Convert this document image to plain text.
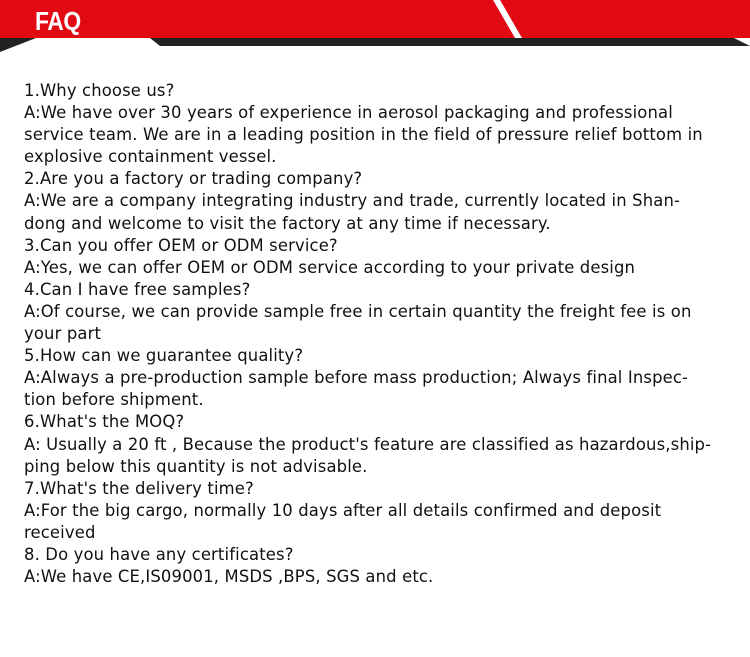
FAQ
1.Why choose us?
A:We have over 30 years of experience in aerosol packaging and professional
service team. We are in a leading position in the field of pressure relief bottom in
explosive containment vessel.
2.Are you a factory or trading company?
A:We are a company integrating industry and trade, currently located in Shan-
dong and welcome to visit the factory at any time if necessary.
3.Can you offer OEM or ODM service?
A:Yes, we can offer OEM or ODM service according to your private design
4.Can I have free samples?
A:Of course, we can provide sample free in certain quantity the freight fee is on
your part
5.How can we guarantee quality?
A:Always a pre-production sample before mass production; Always final Inspec-
tion before shipment.
6.What's the MOQ?
A: Usually a 20 ft , Because the product's feature are classified as hazardous,ship-
ping below this quantity is not advisable.
7.What's the delivery time?
A:For the big cargo, normally 10 days after all details confirmed and deposit
received
8. Do you have any certificates?
A:We have CE,IS09001, MSDS ,BPS, SGS and etc.
